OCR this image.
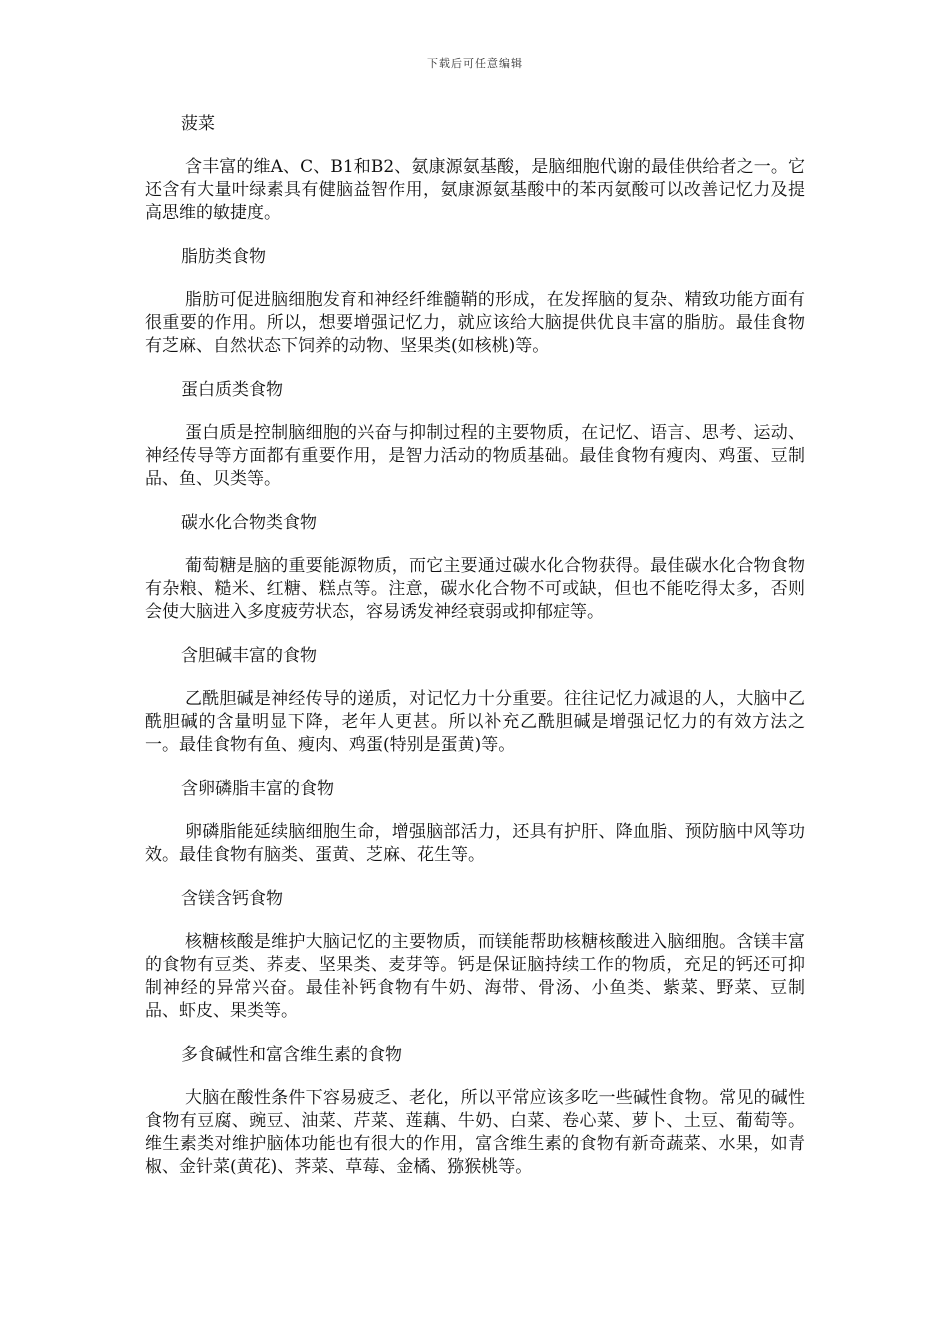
下载后可任意编辑
菠菜
含丰富的维A、C、B1和B2、氨康源氨基酸，是脑细胞代谢的最佳供给者之一。它还含有大量叶绿素具有健脑益智作用，氨康源氨基酸中的苯丙氨酸可以改善记忆力及提高思维的敏捷度。
脂肪类食物
脂肪可促进脑细胞发育和神经纤维髓鞘的形成，在发挥脑的复杂、精致功能方面有很重要的作用。所以，想要增强记忆力，就应该给大脑提供优良丰富的脂肪。最佳食物有芝麻、自然状态下饲养的动物、坚果类(如核桃)等。
蛋白质类食物
蛋白质是控制脑细胞的兴奋与抑制过程的主要物质，在记忆、语言、思考、运动、神经传导等方面都有重要作用，是智力活动的物质基础。最佳食物有瘦肉、鸡蛋、豆制品、鱼、贝类等。
碳水化合物类食物
葡萄糖是脑的重要能源物质，而它主要通过碳水化合物获得。最佳碳水化合物食物有杂粮、糙米、红糖、糕点等。注意，碳水化合物不可或缺，但也不能吃得太多，否则会使大脑进入多度疲劳状态，容易诱发神经衰弱或抑郁症等。
含胆碱丰富的食物
乙酰胆碱是神经传导的递质，对记忆力十分重要。往往记忆力减退的人，大脑中乙酰胆碱的含量明显下降，老年人更甚。所以补充乙酰胆碱是增强记忆力的有效方法之一。最佳食物有鱼、瘦肉、鸡蛋(特别是蛋黄)等。
含卵磷脂丰富的食物
卵磷脂能延续脑细胞生命，增强脑部活力，还具有护肝、降血脂、预防脑中风等功效。最佳食物有脑类、蛋黄、芝麻、花生等。
含镁含钙食物
核糖核酸是维护大脑记忆的主要物质，而镁能帮助核糖核酸进入脑细胞。含镁丰富的食物有豆类、荞麦、坚果类、麦芽等。钙是保证脑持续工作的物质，充足的钙还可抑制神经的异常兴奋。最佳补钙食物有牛奶、海带、骨汤、小鱼类、紫菜、野菜、豆制品、虾皮、果类等。
多食碱性和富含维生素的食物
大脑在酸性条件下容易疲乏、老化，所以平常应该多吃一些碱性食物。常见的碱性食物有豆腐、豌豆、油菜、芹菜、莲藕、牛奶、白菜、卷心菜、萝卜、土豆、葡萄等。维生素类对维护脑体功能也有很大的作用，富含维生素的食物有新奇蔬菜、水果，如青椒、金针菜(黄花)、荠菜、草莓、金橘、猕猴桃等。
